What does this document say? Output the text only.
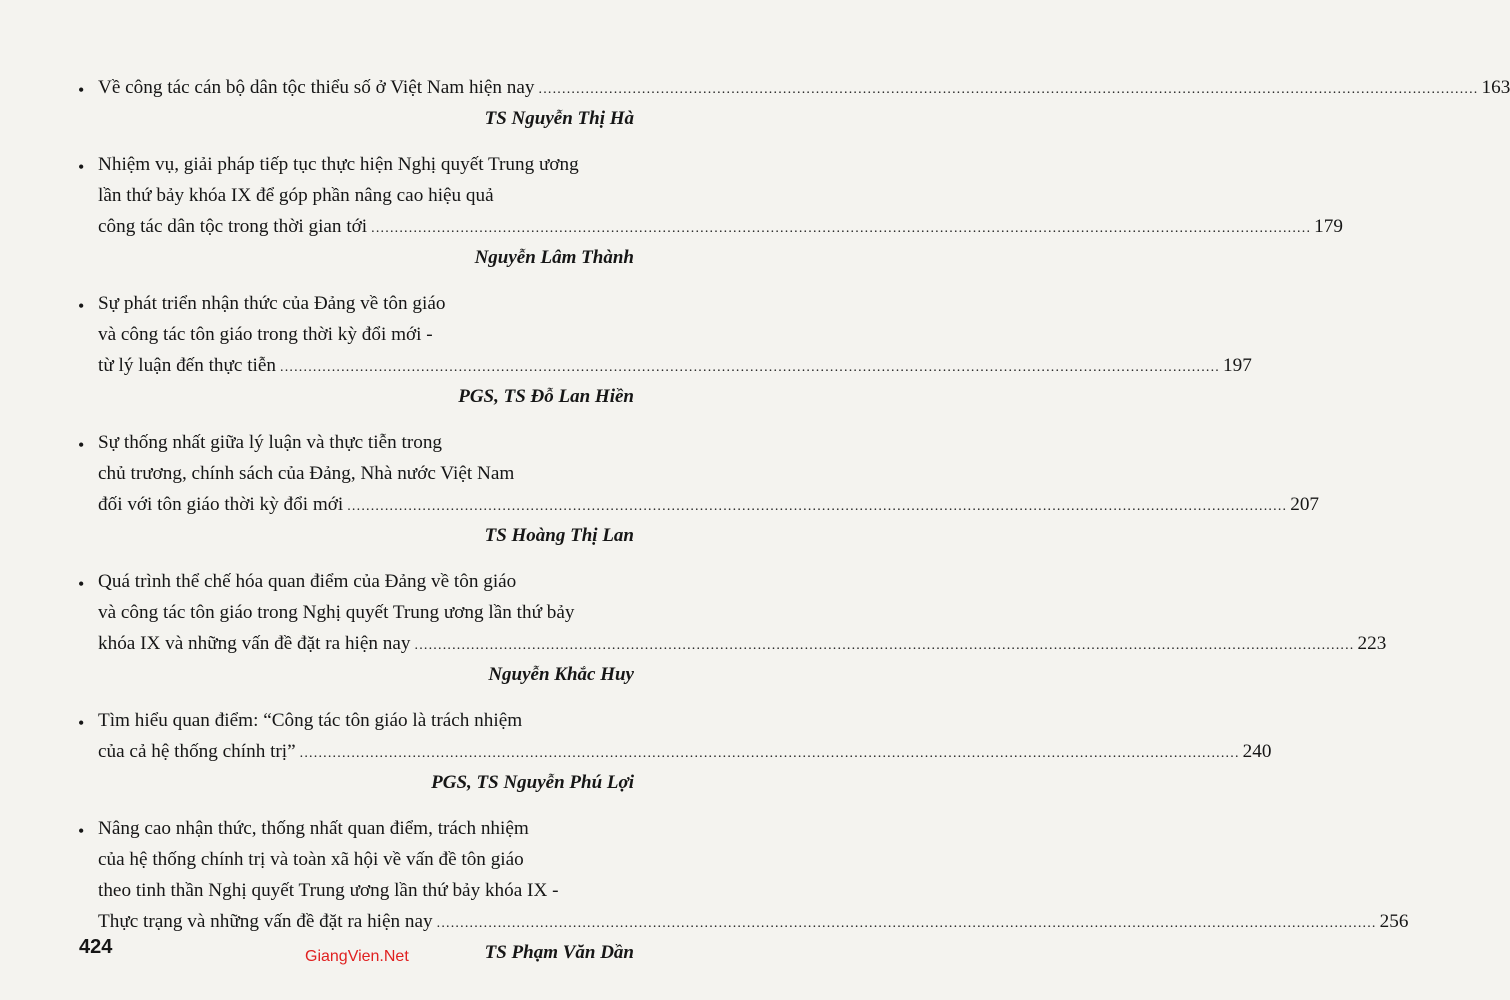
• Về công tác cán bộ dân tộc thiểu số ở Việt Nam hiện nay ........................................................................................................................................................................................................ 163
TS Nguyễn Thị Hà
• Nhiệm vụ, giải pháp tiếp tục thực hiện Nghị quyết Trung ương
lần thứ bảy khóa IX để góp phần nâng cao hiệu quả
công tác dân tộc trong thời gian tới ........................................................................................................................................................................................................ 179
Nguyễn Lâm Thành
• Sự phát triển nhận thức của Đảng về tôn giáo
và công tác tôn giáo trong thời kỳ đổi mới -
từ lý luận đến thực tiễn ........................................................................................................................................................................................................ 197
PGS, TS Đỗ Lan Hiền
• Sự thống nhất giữa lý luận và thực tiễn trong
chủ trương, chính sách của Đảng, Nhà nước Việt Nam
đối với tôn giáo thời kỳ đổi mới ........................................................................................................................................................................................................ 207
TS Hoàng Thị Lan
• Quá trình thể chế hóa quan điểm của Đảng về tôn giáo
và công tác tôn giáo trong Nghị quyết Trung ương lần thứ bảy
khóa IX và những vấn đề đặt ra hiện nay ........................................................................................................................................................................................................ 223
Nguyễn Khắc Huy
• Tìm hiểu quan điểm: “Công tác tôn giáo là trách nhiệm
của cả hệ thống chính trị” ........................................................................................................................................................................................................ 240
PGS, TS Nguyễn Phú Lợi
• Nâng cao nhận thức, thống nhất quan điểm, trách nhiệm
của hệ thống chính trị và toàn xã hội về vấn đề tôn giáo
theo tinh thần Nghị quyết Trung ương lần thứ bảy khóa IX -
Thực trạng và những vấn đề đặt ra hiện nay ........................................................................................................................................................................................................ 256
TS Phạm Văn Dần
424	GiangVien.Net
